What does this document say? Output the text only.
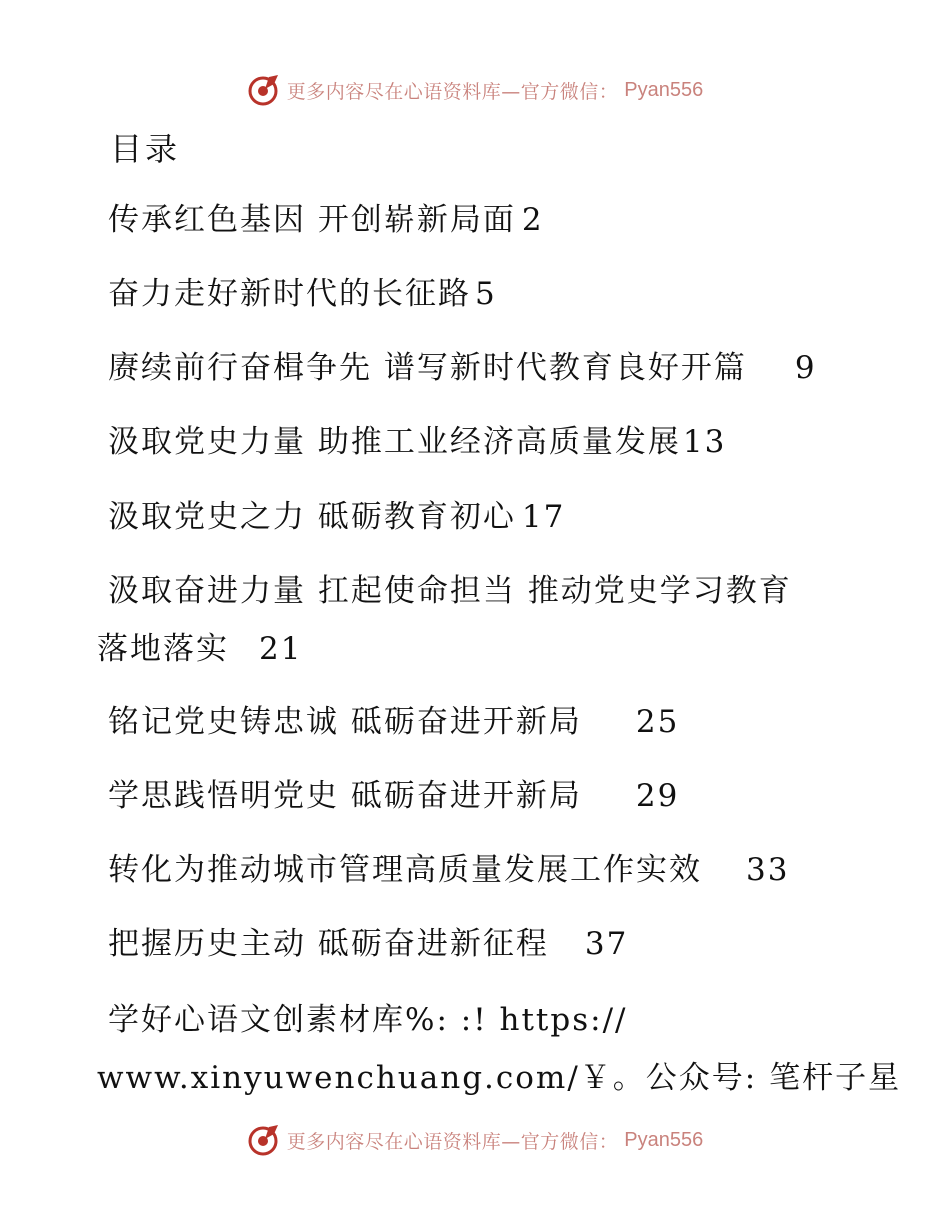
更多内容尽在心语资料库—官方微信： Pyan556
目录
传承红色基因 开创崭新局面 2
奋力走好新时代的长征路 5
赓续前行奋楫争先 谱写新时代教育良好开篇 9
汲取党史力量 助推工业经济高质量发展13
汲取党史之力 砥砺教育初心 17
汲取奋进力量 扛起使命担当 推动党史学习教育
落地落实 21
铭记党史铸忠诚 砥砺奋进开新局 25
学思践悟明党史 砥砺奋进开新局 29
转化为推动城市管理高质量发展工作实效 33
把握历史主动 砥砺奋进新征程 37
学好心语文创素材库%: :! https://
www.xinyuwenchuang.com/￥。公众号: 笔杆子星
更多内容尽在心语资料库—官方微信： Pyan556
